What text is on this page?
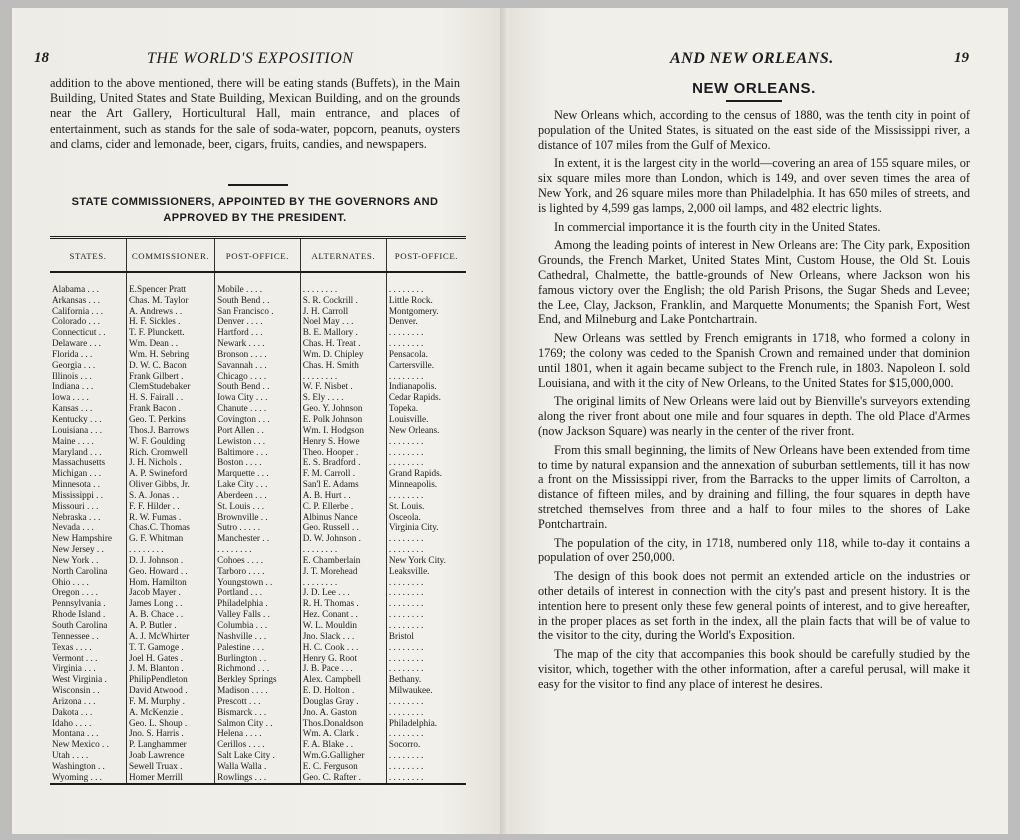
18	THE WORLD'S EXPOSITION
addition to the above mentioned, there will be eating stands (Buffets), in the Main Building, United States and State Building, Mexican Building, and on the grounds near the Art Gallery, Horticultural Hall, main entrance, and places of entertainment, such as stands for the sale of soda-water, popcorn, peanuts, oysters and clams, cider and lemonade, beer, cigars, fruits, candies, and newspapers.
STATE COMMISSIONERS, APPOINTED BY THE GOVERNORS AND APPROVED BY THE PRESIDENT.
STATES.	COMMISSIONER.	POST-OFFICE.	ALTERNATES.	POST-OFFICE.

Alabama . . .	E.Spencer Pratt	Mobile . . . .	. . . . . . . .	. . . . . . . .
Arkansas . . .	Chas. M. Taylor	South Bend . .	S. R. Cockrill .	Little Rock.
California . . .	A. Andrews . .	San Francisco .	J. H. Carroll	Montgomery.
Colorado . . .	H. F. Sickles .	Denver . . . .	Noel May . . .	Denver.
Connecticut . .	T. F. Plunckett.	Hartford . . .	B. E. Mallory .	. . . . . . . .
Delaware . . .	Wm. Dean . .	Newark . . . .	Chas. H. Treat .	. . . . . . . .
Florida . . .	Wm. H. Sebring	Bronson . . . .	Wm. D. Chipley	Pensacola.
Georgia . . .	D. W. C. Bacon	Savannah . . .	Chas. H. Smith	Cartersville.
Illinois . . .	Frank Gilbert .	Chicago . . . .	. . . . . . . .	. . . . . . . .
Indiana . . .	ClemStudebaker	South Bend . .	W. F. Nisbet .	Indianapolis.
Iowa . . . .	H. S. Fairall . .	Iowa City . . .	S. Ely . . . .	Cedar Rapids.
Kansas . . .	Frank Bacon .	Chanute . . . .	Geo. Y. Johnson	Topeka.
Kentucky . . .	Geo. T. Perkins	Covington . . .	E. Polk Johnson	Louisville.
Louisiana . . .	Thos.J. Barrows	Port Allen . .	Wm. I. Hodgson	New Orleans.
Maine . . . .	W. F. Goulding	Lewiston . . .	Henry S. Howe	. . . . . . . .
Maryland . . .	Rich. Cromwell	Baltimore . . .	Theo. Hooper .	. . . . . . . .
Massachusetts	J. H. Nichols .	Boston . . . .	E. S. Bradford .	. . . . . . . .
Michigan . . .	A. P. Swineford	Marquette . . .	F. M. Carroll .	Grand Rapids.
Minnesota . .	Oliver Gibbs, Jr.	Lake City . . .	San'l E. Adams	Minneapolis.
Mississippi . .	S. A. Jonas . .	Aberdeen . . .	A. B. Hurt . .	. . . . . . . .
Missouri . . .	F. F. Hilder . .	St. Louis . . .	C. P. Ellerbe .	St. Louis.
Nebraska . . .	R. W. Fumas .	Brownville . .	Albinus Nance	Osceola.
Nevada . . .	Chas.C. Thomas	Sutro . . . . .	Geo. Russell . .	Virginia City.
New Hampshire	G. F. Whitman	Manchester . .	D. W. Johnson .	. . . . . . . .
New Jersey . .	. . . . . . . .	. . . . . . . .	. . . . . . . .	. . . . . . . .
New York . .	D. J. Johnson .	Cohoes . . . .	E. Chamberlain	New York City.
North Carolina	Geo. Howard . .	Tarboro . . . .	J. T. Morehead	Leaksville.
Ohio . . . .	Hom. Hamilton	Youngstown . .	. . . . . . . .	. . . . . . . .
Oregon . . . .	Jacob Mayer .	Portland . . .	J. D. Lee . . .	. . . . . . . .
Pennsylvania .	James Long . .	Philadelphia .	R. H. Thomas .	. . . . . . . .
Rhode Island .	A. B. Chace . .	Valley Falls . .	Hez. Conant . .	. . . . . . . .
South Carolina	A. P. Butler .	Columbia . . .	W. L. Mouldin	. . . . . . . .
Tennessee . .	A. J. McWhirter	Nashville . . .	Jno. Slack . . .	Bristol
Texas . . . .	T. T. Gamoge .	Palestine . . .	H. C. Cook . . .	. . . . . . . .
Vermont . . .	Joel H. Gates .	Burlington . .	Henry G. Root	. . . . . . . .
Virginia . . .	J. M. Blanton .	Richmond . . .	J. B. Pace . . .	. . . . . . . .
West Virginia .	PhilipPendleton	Berkley Springs	Alex. Campbell	Bethany.
Wisconsin . .	David Atwood .	Madison . . . .	E. D. Holton .	Milwaukee.
Arizona . . .	F. M. Murphy .	Prescott . . .	Douglas Gray .	. . . . . . . .
Dakota . . .	A. McKenzie .	Bismarck . . .	Jno. A. Gaston	. . . . . . . .
Idaho . . . .	Geo. L. Shoup .	Salmon City . .	Thos.Donaldson	Philadelphia.
Montana . . .	Jno. S. Harris .	Helena . . . .	Wm. A. Clark .	. . . . . . . .
New Mexico . .	P. Langhammer	Cerillos . . . .	F. A. Blake . .	Socorro.
Utah . . . .	Joab Lawrence	Salt Lake City .	Wm.G.Galligher	. . . . . . . .
Washington . .	Sewell Truax .	Walla Walla .	E. C. Ferguson	. . . . . . . .
Wyoming . . .	Homer Merrill	Rowlings . . .	Geo. C. Rafter .	. . . . . . . .
AND NEW ORLEANS.	19
NEW ORLEANS.

New Orleans which, according to the census of 1880, was the tenth city in point of population of the United States, is situated on the east side of the Mississippi river, a distance of 107 miles from the Gulf of Mexico.

In extent, it is the largest city in the world—covering an area of 155 square miles, or six square miles more than London, which is 149, and over seven times the area of New York, and 26 square miles more than Philadelphia. It has 650 miles of streets, and is lighted by 4,599 gas lamps, 2,000 oil lamps, and 482 electric lights.

In commercial importance it is the fourth city in the United States.

Among the leading points of interest in New Orleans are: The City park, Exposition Grounds, the French Market, United States Mint, Custom House, the Old St. Louis Cathedral, Chalmette, the battle-grounds of New Orleans, where Jackson won his famous victory over the English; the old Parish Prisons, the Sugar Sheds and Levee; the Lee, Clay, Jackson, Franklin, and Marquette Monuments; the Spanish Fort, West End, and Milneburg and Lake Pontchartrain.

New Orleans was settled by French emigrants in 1718, who formed a colony in 1769; the colony was ceded to the Spanish Crown and remained under that dominion until 1801, when it again became subject to the French rule, in 1803. Napoleon I. sold Louisiana, and with it the city of New Orleans, to the United States for $15,000,000.

The original limits of New Orleans were laid out by Bienville's surveyors extending along the river front about one mile and four squares in depth. The old Place d'Armes (now Jackson Square) was nearly in the center of the river front.

From this small beginning, the limits of New Orleans have been extended from time to time by natural expansion and the annexation of suburban settlements, till it has now a front on the Mississippi river, from the Barracks to the upper limits of Carrolton, a distance of fifteen miles, and by draining and filling, the four squares in depth have stretched themselves from three and a half to four miles to the shores of Lake Pontchartrain.

The population of the city, in 1718, numbered only 118, while to-day it contains a population of over 250,000.

The design of this book does not permit an extended article on the industries or other details of interest in connection with the city's past and present history. It is the intention here to present only these few general points of interest, and to give hereafter, in the proper places as set forth in the index, all the plain facts that will be of value to the visitor to the city, during the World's Exposition.

The map of the city that accompanies this book should be carefully studied by the visitor, which, together with the other information, after a careful perusal, will make it easy for the visitor to find any place of interest he desires.
